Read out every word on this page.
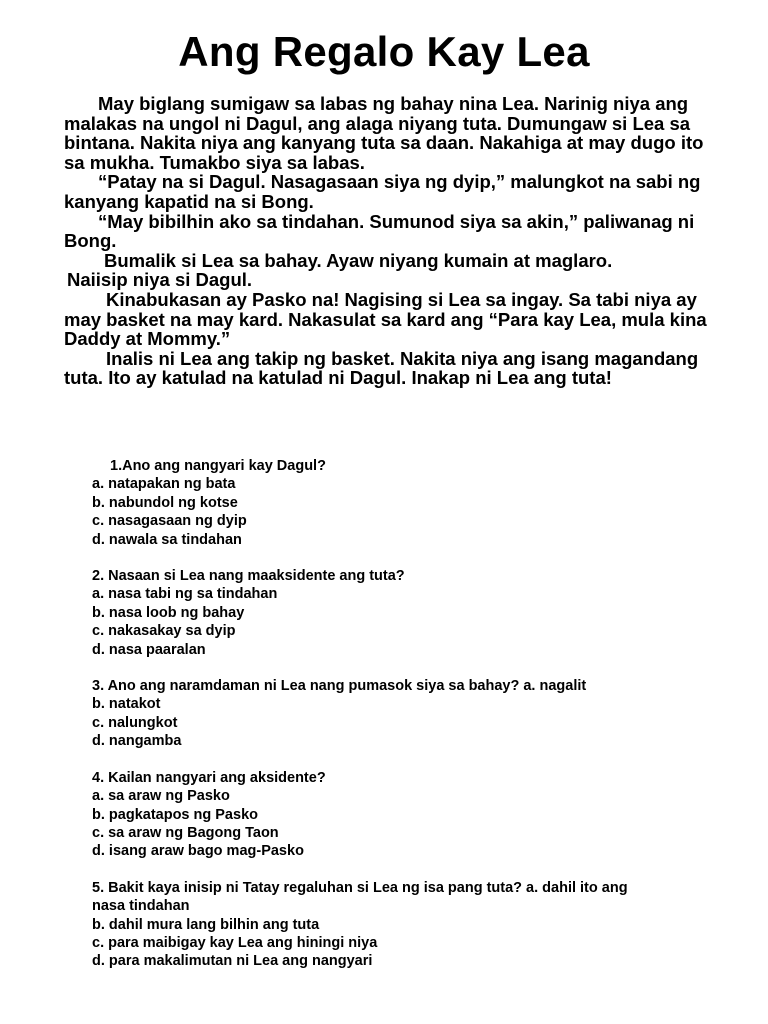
Ang Regalo Kay Lea

May biglang sumigaw sa labas ng bahay nina Lea. Narinig niya ang malakas na ungol ni Dagul, ang alaga niyang tuta. Dumungaw si Lea sa bintana. Nakita niya ang kanyang tuta sa daan. Nakahiga at may dugo ito sa mukha. Tumakbo siya sa labas.

“Patay na si Dagul. Nasagasaan siya ng dyip,” malungkot na sabi ng kanyang kapatid na si Bong.

“May bibilhin ako sa tindahan. Sumunod siya sa akin,” paliwanag ni Bong.

Bumalik si Lea sa bahay. Ayaw niyang kumain at maglaro.

Naiisip niya si Dagul.

Kinabukasan ay Pasko na! Nagising si Lea sa ingay. Sa tabi niya ay may basket na may kard. Nakasulat sa kard ang “Para kay Lea, mula kina Daddy at Mommy.”

Inalis ni Lea ang takip ng basket. Nakita niya ang isang magandang tuta. Ito ay katulad na katulad ni Dagul. Inakap ni Lea ang tuta!

1.Ano ang nangyari kay Dagul?

a. natapakan ng bata
b. nabundol ng kotse
c. nasagasaan ng dyip
d. nawala sa tindahan

2. Nasaan si Lea nang maaksidente ang tuta?

a. nasa tabi ng sa tindahan
b. nasa loob ng bahay
c. nakasakay sa dyip
d. nasa paaralan

3. Ano ang naramdaman ni Lea nang pumasok siya sa bahay? a. nagalit

b. natakot
c. nalungkot
d. nangamba

4. Kailan nangyari ang aksidente?

a. sa araw ng Pasko
b. pagkatapos ng Pasko
c. sa araw ng Bagong Taon
d. isang araw bago mag-Pasko

5. Bakit kaya inisip ni Tatay regaluhan si Lea ng isa pang tuta? a. dahil ito ang nasa tindahan

b. dahil mura lang bilhin ang tuta
c. para maibigay kay Lea ang hiningi niya
d. para makalimutan ni Lea ang nangyari
